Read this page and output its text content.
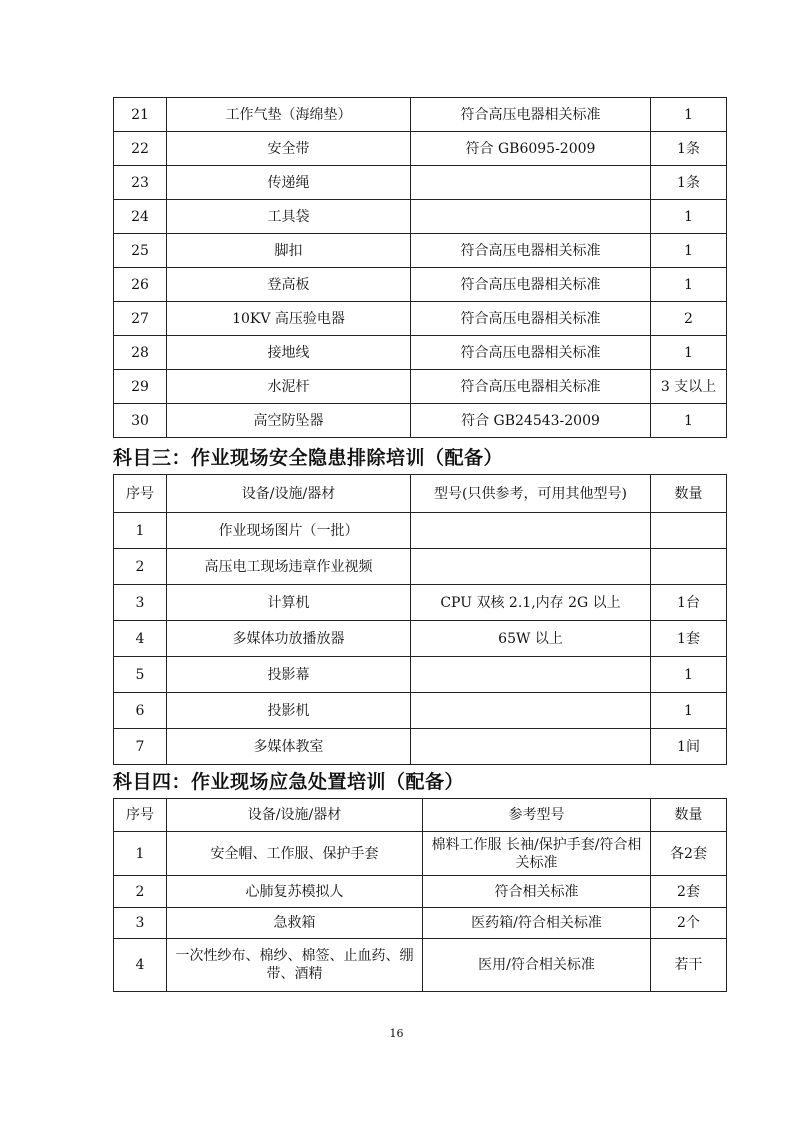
21	工作气垫（海绵垫）	符合高压电器相关标准	1
22	安全带	符合 GB6095-2009	1条
23	传递绳		1条
24	工具袋		1
25	脚扣	符合高压电器相关标准	1
26	登高板	符合高压电器相关标准	1
27	10KV 高压验电器	符合高压电器相关标准	2
28	接地线	符合高压电器相关标准	1
29	水泥杆	符合高压电器相关标准	3 支以上
30	高空防坠器	符合 GB24543-2009	1
科目三：作业现场安全隐患排除培训（配备）
序号	设备/设施/器材	型号(只供参考，可用其他型号)	数量
1	作业现场图片（一批）		
2	高压电工现场违章作业视频		
3	计算机	CPU 双核 2.1,内存 2G 以上	1台
4	多媒体功放播放器	65W 以上	1套
5	投影幕		1
6	投影机		1
7	多媒体教室		1间
科目四：作业现场应急处置培训（配备）
序号	设备/设施/器材	参考型号	数量
1	安全帽、工作服、保护手套	棉料工作服 长袖/保护手套/符合相关标准	各2套
2	心肺复苏模拟人	符合相关标准	2套
3	急救箱	医药箱/符合相关标准	2个
4	一次性纱布、棉纱、棉签、止血药、绷带、酒精	医用/符合相关标准	若干
16
